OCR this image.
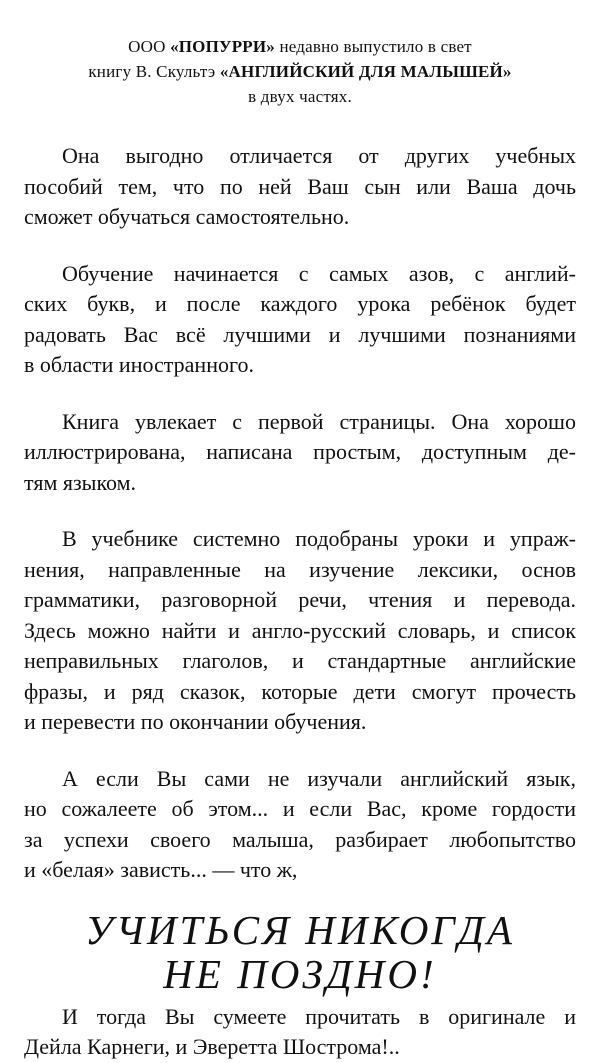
ООО «ПОПУРРИ» недавно выпустило в свет
книгу В. Скультэ «АНГЛИЙСКИЙ ДЛЯ МАЛЫШЕЙ»
в двух частях.
Она выгодно отличается от других учебных
пособий тем, что по ней Ваш сын или Ваша дочь
сможет обучаться самостоятельно.
Обучение начинается с самых азов, с англий-
ских букв, и после каждого урока ребёнок будет
радовать Вас всё лучшими и лучшими познаниями
в области иностранного.
Книга увлекает с первой страницы. Она хорошо
иллюстрирована, написана простым, доступным де-
тям языком.
В учебнике системно подобраны уроки и упраж-
нения, направленные на изучение лексики, основ
грамматики, разговорной речи, чтения и перевода.
Здесь можно найти и англо-русский словарь, и список
неправильных глаголов, и стандартные английские
фразы, и ряд сказок, которые дети смогут прочесть
и перевести по окончании обучения.
А если Вы сами не изучали английский язык,
но сожалеете об этом... и если Вас, кроме гордости
за успехи своего малыша, разбирает любопытство
и «белая» зависть... — что ж,
УЧИТЬСЯ НИКОГДА
НЕ ПОЗДНО!
И тогда Вы сумеете прочитать в оригинале и
Дейла Карнеги, и Эверетта Шострома!..
